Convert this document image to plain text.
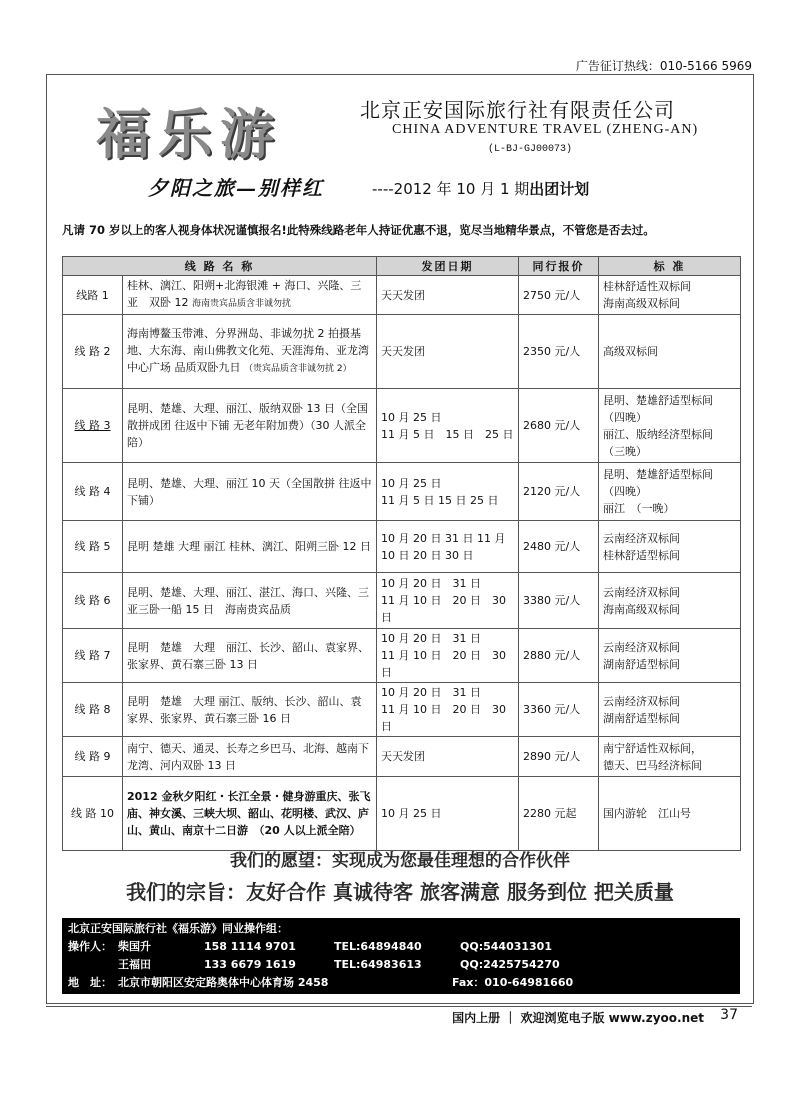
广告征订热线：010-5166 5969
福乐游	北京正安国际旅行社有限责任公司
CHINA ADVENTURE TRAVEL (ZHENG-AN)
(L-BJ-GJ00073)
夕阳之旅—别样红	----2012 年 10 月 1 期出团计划
凡请 70 岁以上的客人视身体状况谨慎报名!此特殊线路老年人持证优惠不退，览尽当地精华景点，不管您是否去过。
线 路 名 称		发团日期	同行报价	标 准
线路 1	桂林、漓江、阳朔+北海银滩 + 海口、兴隆、三亚　双卧 12 海南贵宾品质含非诚勿扰	天天发团	2750 元/人	桂林舒适性双标间
海南高级双标间
线 路 2	海南博鳌玉带滩、分界洲岛、非诚勿扰 2 拍摄基地、大东海、南山佛教文化苑、天涯海角、亚龙湾中心广场 品质双卧九日 （贵宾品质含非诚勿扰 2）	天天发团	2350 元/人	高级双标间
线 路 3	昆明、楚雄、大理、丽江、版纳双卧 13 日（全国散拼成团 往返中下铺 无老年附加费）（30 人派全陪）	10 月 25 日
11 月 5 日　15 日　25 日	2680 元/人	昆明、楚雄舒适型标间　（四晚）
丽江、版纳经济型标间　（三晚）
线 路 4	昆明、楚雄、大理、丽江 10 天（全国散拼 往返中下铺）	10 月 25 日
11 月 5 日 15 日 25 日	2120 元/人	昆明、楚雄舒适型标间　（四晚）
丽江　（一晚）
线 路 5	昆明 楚雄 大理 丽江 桂林、漓江、阳朔三卧 12 日	10 月 20 日 31 日 11 月 10 日 20 日 30 日	2480 元/人	云南经济双标间
桂林舒适型标间
线 路 6	昆明、楚雄、大理、丽江、湛江、海口、兴隆、三亚三卧一船 15 日　海南贵宾品质	10 月 20 日　31 日
11 月 10 日　20 日　30 日	3380 元/人	云南经济双标间
海南高级双标间
线 路 7	昆明　楚雄　大理　丽江、长沙、韶山、袁家界、张家界、黄石寨三卧 13 日	10 月 20 日　31 日
11 月 10 日　20 日　30 日	2880 元/人	云南经济双标间
湖南舒适型标间
线 路 8	昆明　楚雄　大理 丽江、版纳、长沙、韶山、袁家界、张家界、黄石寨三卧 16 日	10 月 20 日　31 日
11 月 10 日　20 日　30 日	3360 元/人	云南经济双标间
湖南舒适型标间
线 路 9	南宁、德天、通灵、长寿之乡巴马、北海、越南下龙湾、河内双卧 13 日	天天发团	2890 元/人	南宁舒适性双标间，
德天、巴马经济标间
线 路 10	2012 金秋夕阳红・长江全景・健身游重庆、张飞庙、神女溪、三峡大坝、韶山、花明楼、武汉、庐山、黄山、南京十二日游　（20 人以上派全陪）	10 月 25 日	2280 元起	国内游轮　江山号
我们的愿望：实现成为您最佳理想的合作伙伴
我们的宗旨：友好合作 真诚待客 旅客满意 服务到位 把关质量
北京正安国际旅行社《福乐游》同业操作组：
操作人： 柴国升	158 1114 9701	TEL:64894840	QQ:544031301
王福田	133 6679 1619	TEL:64983613	QQ:2425754270
地　址： 北京市朝阳区安定路奥体中心体育场 2458	Fax：010-64981660
国内上册 ｜ 欢迎浏览电子版 www.zyoo.net 37
